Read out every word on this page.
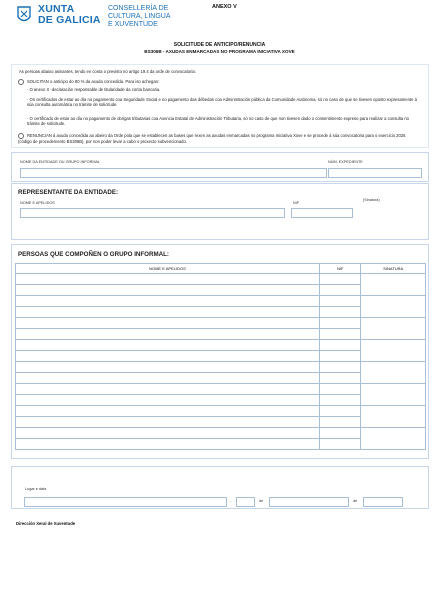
XUNTA
DE GALICIA
CONSELLERÍA DE
CULTURA, LINGUA
E XUVENTUDE
ANEXO V
SOLICITUDE DE ANTICIPO/RENUNCIA
BS306B - AXUDAS ENMARCADAS NO PROGRAMA INICIATIVA XOVE
As persoas abaixo asinantes, tendo en conta o previsto no artigo 19.4 da orde de convocatoria:
SOLICITAN o anticipo do 80 % da axuda concedida. Para iso achegan:
· O anexo X -declaración responsable de titularidade da conta bancaria.
· Os certificados de estar ao día no pagamento coa Seguridade Social e no pagamento das débedas coa Administración pública da Comunidade Autónoma, só no caso de que se tivesen oposto expresamente á súa consulta automática no trámite de solicitude.
· O certificado de estar ao día no pagamento de obrigas tributarias coa Axencia Estatal de Administración Tributaria, só no caso de que non tivesen dado o consentimento expreso para realizar a consulta no trámite de solicitude.
RENUNCIAN á axuda concedida ao abeiro da Orde pola que se establecen as bases que rexen as axudas enmarcadas no programa Iniciativa Xove e se procede á súa convocatoria para o exercicio 2025 (código de procedemento BS306B), por non poder levar a cabo o proxecto subvencionado.
NOME DA ENTIDADE OU GRUPO INFORMAL	NÚM. EXPEDIENTE
REPRESENTANTE DA ENTIDADE:
NOME E APELIDOS	NIF
(Sinatura)
PERSOAS QUE COMPOÑEN O GRUPO INFORMAL:
NOME E APELIDOS	NIF	SINATURA

Lugar e data
,	de	de
Dirección Xeral de Xuventude
